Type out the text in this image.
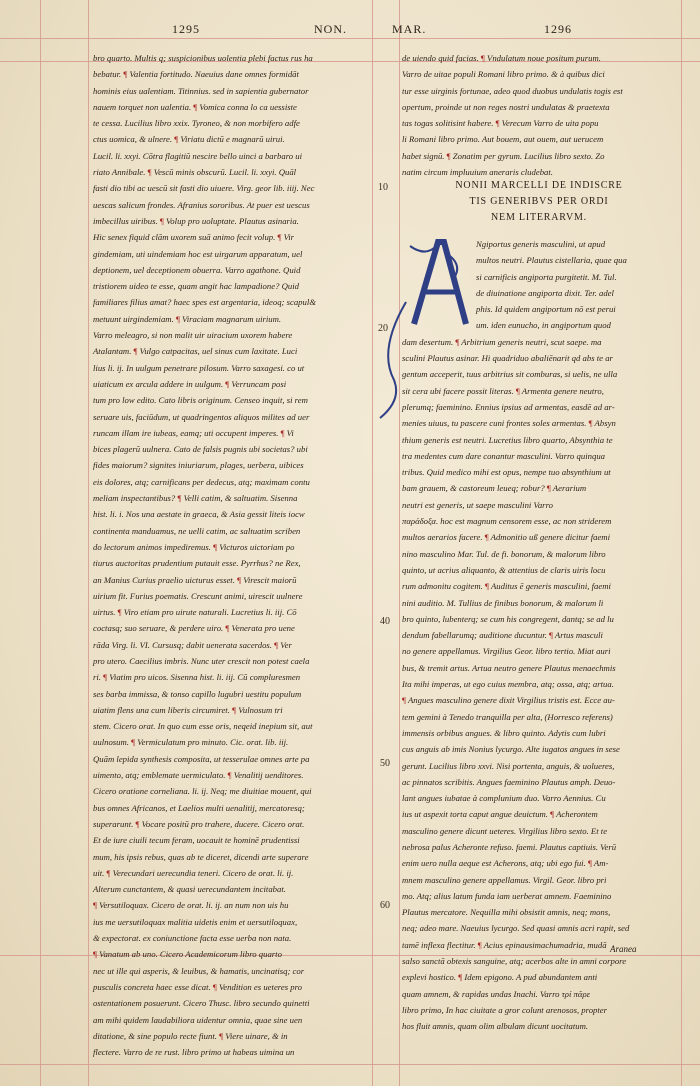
1295	NON.	MAR.	1296
10
20
40
50
60

bro quarto. Multis q; suspicionibus uolentia plebi factus rus ha

bebatur. ¶ Valentia fortitudo. Naeuius dane omnes formidāt

hominis eius ualentiam. Titinnius. sed in sapientia gubernator

nauem torquet non ualentia. ¶ Vomica conna lo ca uessiste

te cessa. Lucilius libro xxix. Tyroneo, & non morbifero adfe

ctus uomica, & ulnere. ¶ Viriatu dictū e magnarū uirui.

Lucil. li. xxyi. Cōtra flagitiū nescire bello uinci a barbaro ui

riato Annibale. ¶ Vescū minis obscurū. Lucil. li. xxyi. Quāl

fasti dio tibi ac uescū sit fasti dio uiuere. Virg. geor lib. iiij. Nec

uescas salicum frondes. Afranius sororibus. At puer est uescus

imbecillus uiribus. ¶ Volup pro uoluptate. Plautus asinaria.

Hic senex fiquid clām uxorem suā animo fecit volup. ¶ Vir

gindemiam, uti uindemiam hoc est uirgarum apparatum, uel

deptionem, uel deceptionem obuerra. Varro agathone. Quid

tristiorem uideo te esse, quam angit hac lampadione? Quid

familiares filius amat? haec spes est argentaria, ideoq; scapul&

metuunt uirgindemiam. ¶ Viraciam magnarum uirium.

Varro meleagro, si non malit uir uiracium uxorem habere

Atalantam. ¶ Vulgo catpacitas, uel sinus cum laxitate. Luci

lius li. ij. In uulgum penetrare pilosum. Varro saxagesi. co ut

uiaticum ex arcula addere in uulgum. ¶ Verruncam posi

tum pro low edito. Cato libris originum. Censeo inquit, si rem

seruare uis, faciūdum, ut quadringentos aliquos milites ad uer

runcam illam ire iubeas, eamq; uti occupent imperes. ¶ Vi

bices plagerū uulnera. Cato de falsis pugnis ubi societas? ubi

fides maiorum? signites iniuriarum, plages, uerbera, uibices

eis dolores, atq; carnificans per dedecus, atq; maximam contu

meliam inspectantibus? ¶ Velli catim, & saltuatim. Sisenna

hist. li. i. Nos una aestate in graeca, & Asia gessit liteis iocw

continenta manduamus, ne uelli catim, ac saltuatim scriben

do lectorum animos impediremus. ¶ Victuros uictoriam po

tiurus auctoritas prudentium putauit esse. Pyrrhus? ne Rex,

an Manius Curius praelio uicturus esset. ¶ Virescit maiorū

uirium fit. Furius poematis. Crescunt animi, uirescit uulnere

uirtus. ¶ Viro etiam pro uirute naturali. Lucretius li. iij. Cō

coctasq; suo seruare, & perdere uiro. ¶ Venerata pro uene

rāda Virg. li. VI. Cursusq; dabit uenerata sacerdos. ¶ Ver

pro utero. Caecilius imbris. Nunc uter crescit non potest caela

ri. ¶ Viatim pro uicos. Sisenna hist. li. iij. Cū compluresmen

ses barba immissa, & tonso capillo lugubri uestitu populum

uiatim flens una cum liberis circumiret. ¶ Vulnosum tri

stem. Cicero orat. In quo cum esse oris, neqeid inepium sit, aut

uulnosum. ¶ Vermiculatum pro minuto. Cic. orat. lib. iij.

Quām lepida synthesis composita, ut tesserulae omnes arte pa

uimento, atq; emblemate uermiculato. ¶ Venalitij uenditores.

Cicero oratione corneliana. li. ij. Neq; me diuitiae mouent, qui

bus omnes Africanos, et Laelios multi uenalitij, mercatoresq;

superarunt. ¶ Vocare positū pro trahere, ducere. Cicero orat.

Et de iure ciuili tecum feram, uocauit te hominē prudentissi

mum, his ipsis rebus, quas ab te diceret, dicendi arte superare

uit. ¶ Verecundari uerecundia teneri. Cicero de orat. li. ij.

Alterum cunctantem, & quasi uerecundantem incitabat.

¶ Versutiloquax. Cicero de orat. li. ij. an num non uis hu

ius me uersutiloquax malitia uidetis enim et uersutiloquax,

& expectorat. ex coniunctione facta esse uerba non nata.

¶ Vanatum ab uno. Cicero Academicorum libro quarto

nec ut ille qui asperis, & leuibus, & hamatis, uncinatisq; cor

pusculis concreta haec esse dicat. ¶ Vendition es ueteres pro

ostentationem posuerunt. Cicero Thusc. libro secundo quinetti

am mihi quidem laudabiliora uidentur omnia, quae sine uen

ditatione, & sine populo recte fiunt. ¶ Viere uinare, & in

flectere. Varro de re rust. libro primo ut habeas uimina un

de uiendo quid facias. ¶ Vndulatum noue positum purum.

Varro de uitae populi Romani libro primo. & à quibus dici

tur esse uirginis fortunae, adeo quod duobus undulatis togis est

opertum, proinde ut non reges nostri undulatas & praetexta

tas togas solitisint habere. ¶ Verecum Varro de uita popu

li Romani libro primo. Aut bouem, aut ouem, aut uerucem

habet signū. ¶ Zonatim per gyrum. Lucilius libro sexto. Zo

natim circum impluuium aneraris cludebat.

NONII MARCELLI DE INDISCRE

TIS GENERIBVS PER ORDI

NEM LITERARVM.

A

Ngiportus generis masculini, ut apud

multos neutri. Plautus cistellaria, quae qua

si carnificis angiporta purgitetit. M. Tul.

de diuinatione angiporta dixit. Ter. adel

phis. Id quidem angiportum nō est perui

um. iden eunucho, in angiportum quod

dam desertum. ¶ Arbitrium generis neutri, scut saepe. ma

sculini Plautus asinar. Hi quadriduo abaliēnarit qd abs te ar

gentum acceperit, tuus arbitrius sit comburas, si uelis, ne ulla

sit cera ubi facere possit literas. ¶ Armenta genere neutro,

plerumq; faeminino. Ennius ipsius ad armentas, easdē ad ar-

menies uiuus, tu pascere cuni frontes soles armentas. ¶ Absyn

thium generis est neutri. Lucretius libro quarto, Absynthia te

tra medentes cum dare conantur masculini. Varro quinqua

tribus. Quid medico mihi est opus, nempe tuo absynthium ut

bam grauem, & castoreum leueq; robur? ¶ Aerarium

neutri est generis, ut saepe masculini Varro

παράδοξα. hoc est magnum censorem esse, ac non striderem

multos aerarios facere. ¶ Admonitio uß genere dicitur faemi

nino masculino Mar. Tul. de fi. bonorum, & malorum libro

quinto, ut acrius aliquanto, & attentius de claris uiris locu

rum admonitu cogitem. ¶ Auditus ē generis masculini, faemi

nini auditio. M. Tullius de finibus bonorum, & malorum li

bro quinto, lubenterq; se cum his congregent, dantq; se ad lu

dendum fabellarumq; auditione ducuntur. ¶ Artus masculi

no genere appellamus. Virgilius Geor. libro tertio. Miat auri

bus, & tremit artus. Artua neutro genere Plautus menaechmis

Ita mihi imperas, ut ego cuius membra, atq; ossa, atq; artua.

¶ Angues masculino genere dixit Virgilius tristis est. Ecce au-

tem gemini à Tenedo tranquilla per alta, (Horresco referens)

immensis orbibus angues. & libro quinto. Adytis cum lubri

cus anguis ab imis Nonius lycurgo. Alte iugatos angues in sese

gerunt. Lucilius libro xxvi. Nisi portenta, anguis, & uolueres,

ac pinnatos scribitis. Angues faeminino Plautus amph. Deuo-

lant angues iubatae à complunium duo. Varro Aennius. Cu

ius ut aspexit torta caput angue deuictum. ¶ Acherontem

masculino genere dicunt ueteres. Virgilius libro sexto. Et te

nebrosa palus Acheronte refuso. faemi. Plautus captiuis. Verū

enim uero nulla aeque est Acherons, atq; ubi ego fui. ¶ Am-

mnem masculino genere appellamus. Virgil. Geor. libro pri

mo. Atq; alius latum funda iam uerberat amnem. Faeminino

Plautus mercatore. Nequilla mihi obsistit amnis, neq; mons,

neq; adeo mare. Naeuius lycurgo. Sed quasi amnis acri rapit, sed

tamē inflexa flectitur. ¶ Acius epinausimachumadria, mudā

salso sanctā obtexis sanguine, atq; acerbos alte in amni corpore

explevi hostico. ¶ Idem epigono. A pud abundantem anti

quam amnem, & rapidas undas Inachi. Varro τρί πᾶρε

libro primo, In hac ciuitate a gror colunt arenosos, propter

hos fluit amnis, quam olim albulam dicunt uocitatum.

Aranea
